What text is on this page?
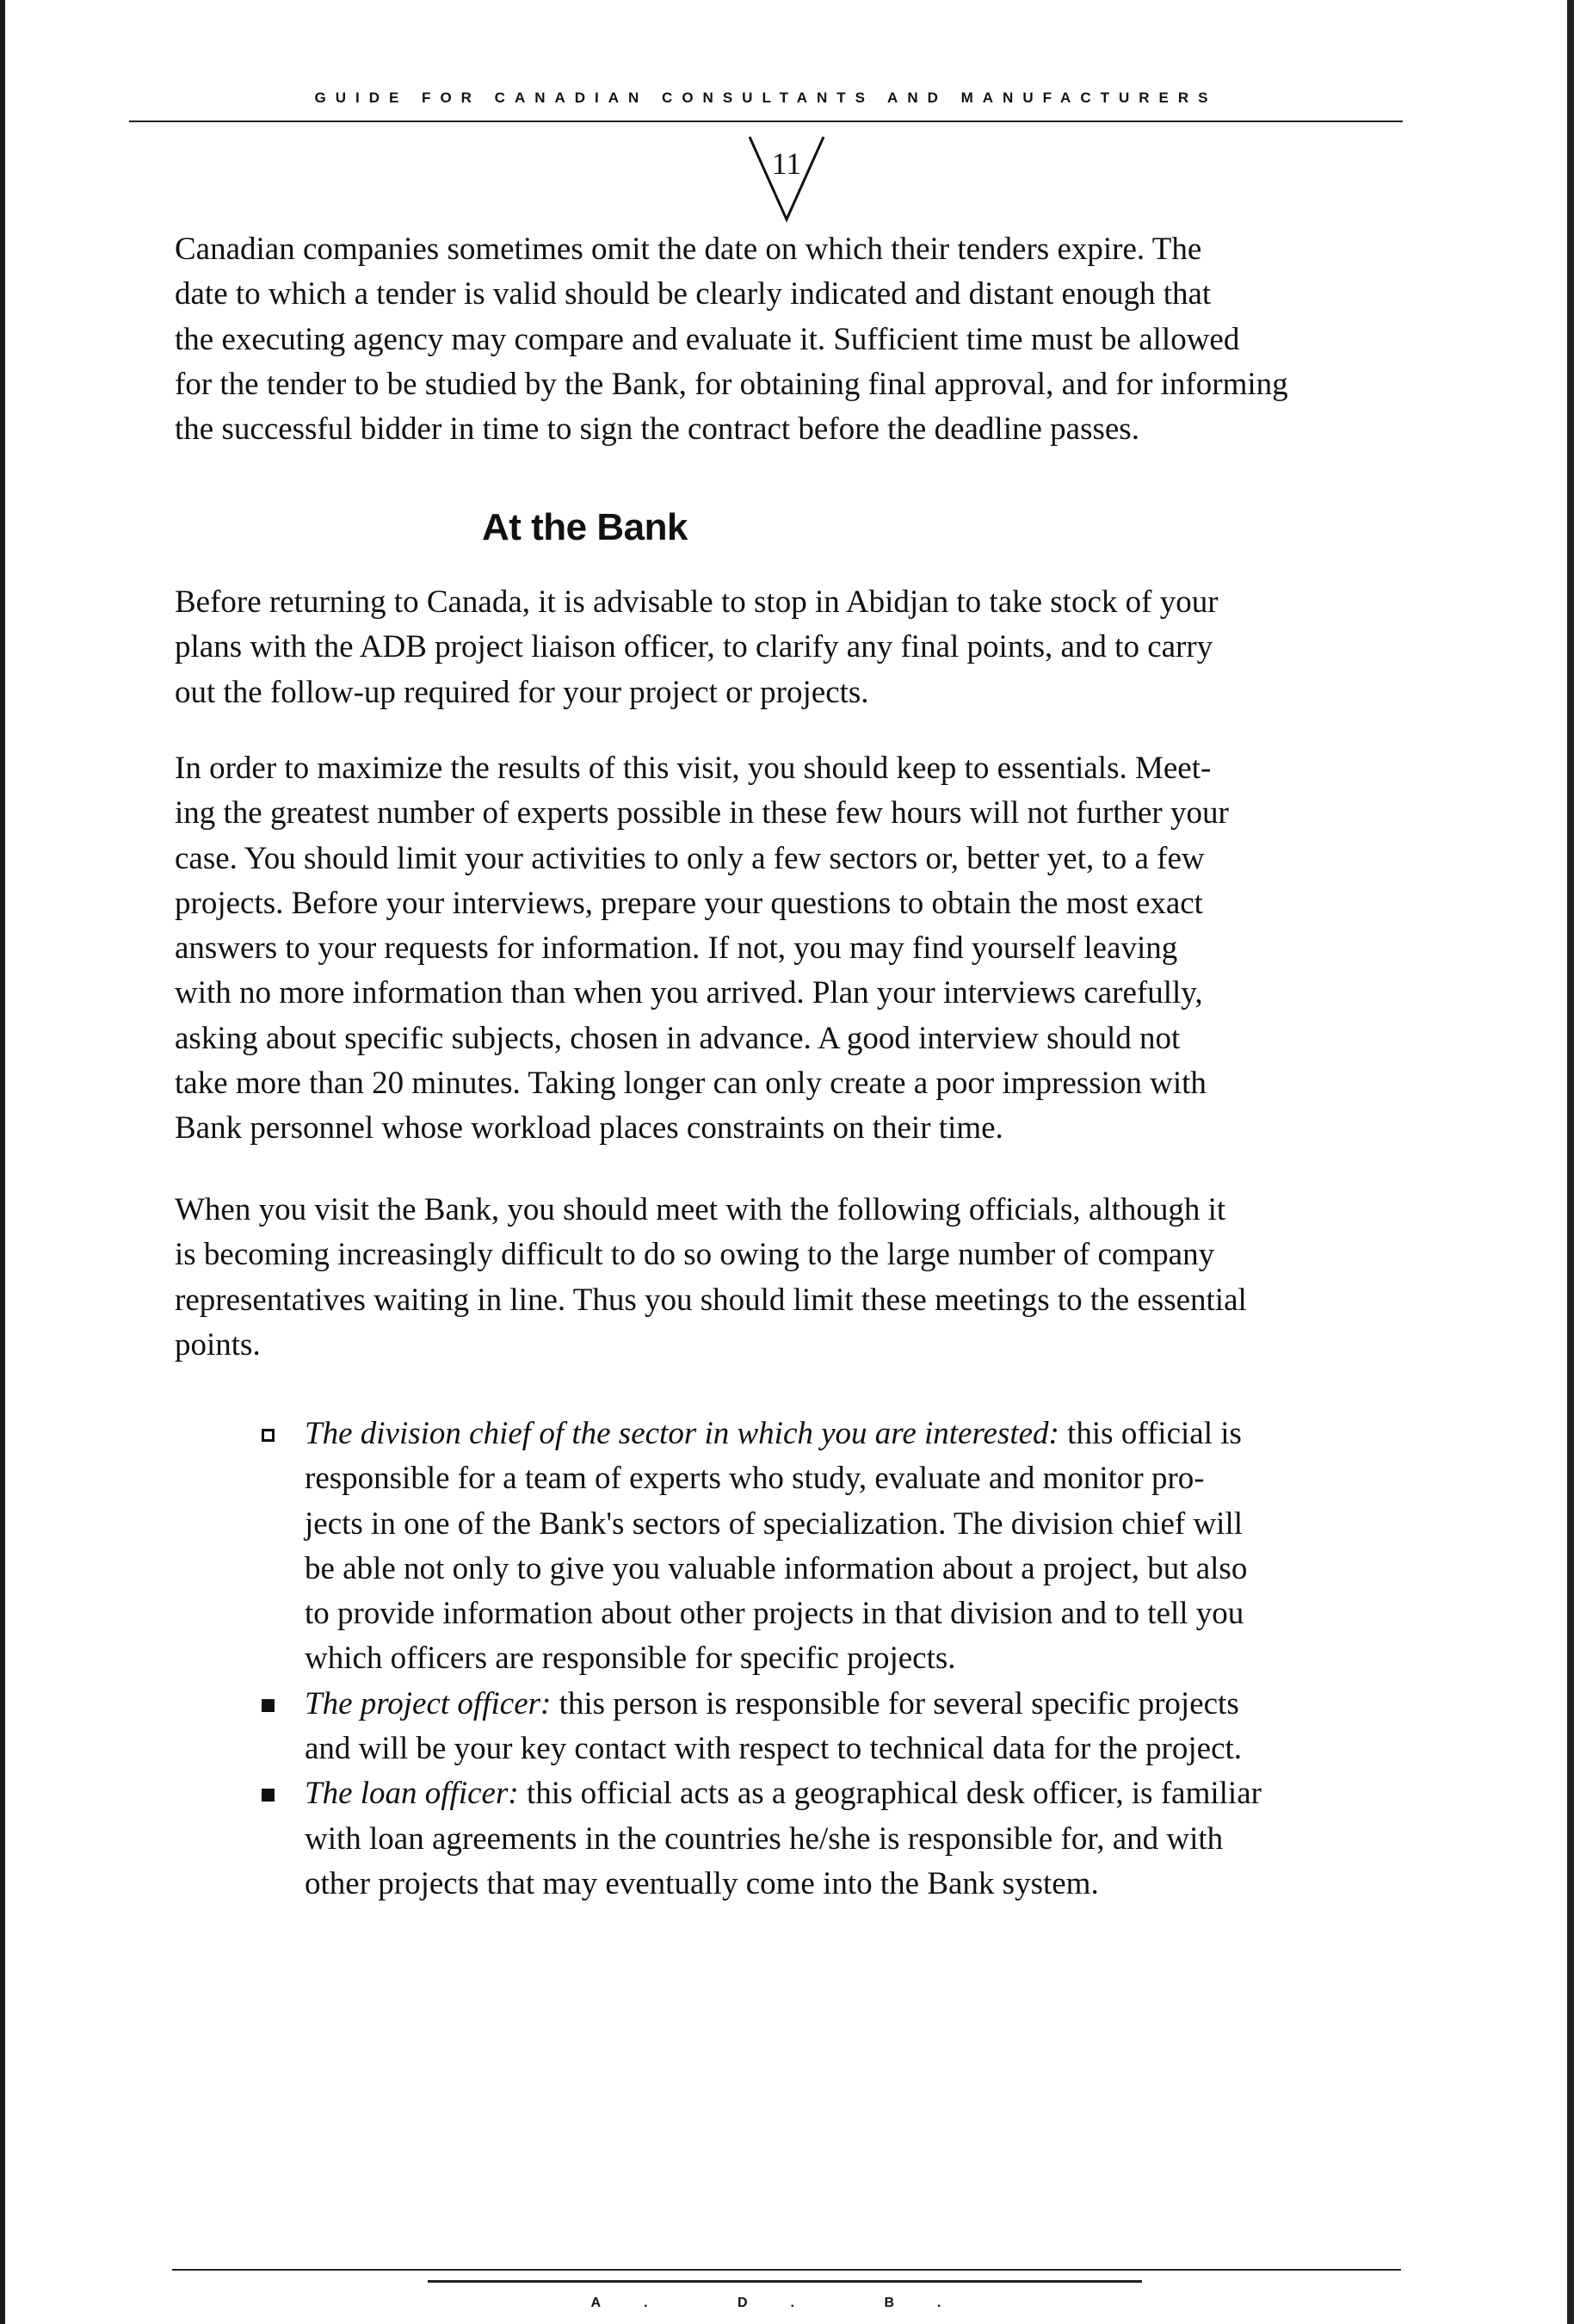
GUIDE FOR CANADIAN CONSULTANTS AND MANUFACTURERS
11
Canadian companies sometimes omit the date on which their tenders expire. The
date to which a tender is valid should be clearly indicated and distant enough that
the executing agency may compare and evaluate it. Sufficient time must be allowed
for the tender to be studied by the Bank, for obtaining final approval, and for informing
the successful bidder in time to sign the contract before the deadline passes.
At the Bank
Before returning to Canada, it is advisable to stop in Abidjan to take stock of your
plans with the ADB project liaison officer, to clarify any final points, and to carry
out the follow-up required for your project or projects.
In order to maximize the results of this visit, you should keep to essentials. Meet-
ing the greatest number of experts possible in these few hours will not further your
case. You should limit your activities to only a few sectors or, better yet, to a few
projects. Before your interviews, prepare your questions to obtain the most exact
answers to your requests for information. If not, you may find yourself leaving
with no more information than when you arrived. Plan your interviews carefully,
asking about specific subjects, chosen in advance. A good interview should not
take more than 20 minutes. Taking longer can only create a poor impression with
Bank personnel whose workload places constraints on their time.
When you visit the Bank, you should meet with the following officials, although it
is becoming increasingly difficult to do so owing to the large number of company
representatives waiting in line. Thus you should limit these meetings to the essential
points.
The division chief of the sector in which you are interested: this official is
responsible for a team of experts who study, evaluate and monitor pro-
jects in one of the Bank's sectors of specialization. The division chief will
be able not only to give you valuable information about a project, but also
to provide information about other projects in that division and to tell you
which officers are responsible for specific projects.
The project officer: this person is responsible for several specific projects
and will be your key contact with respect to technical data for the project.
The loan officer: this official acts as a geographical desk officer, is familiar
with loan agreements in the countries he/she is responsible for, and with
other projects that may eventually come into the Bank system.
A. D. B.
